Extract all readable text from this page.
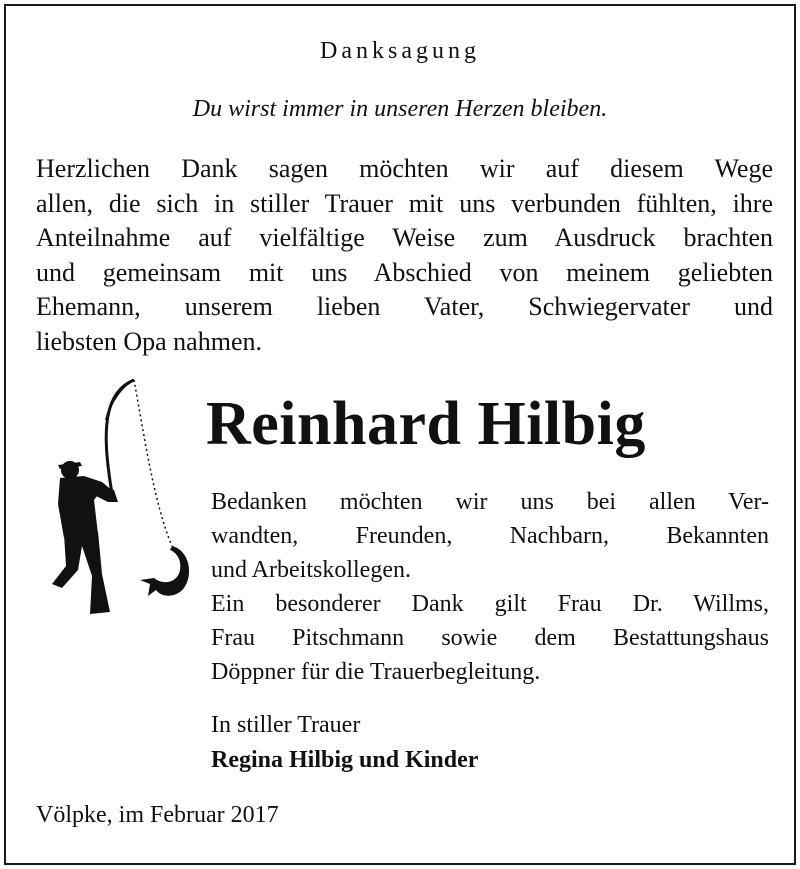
Danksagung
Du wirst immer in unseren Herzen bleiben.
Herzlichen Dank sagen möchten wir auf diesem Wege
allen, die sich in stiller Trauer mit uns verbunden fühlten, ihre
Anteilnahme auf vielfältige Weise zum Ausdruck brachten
und gemeinsam mit uns Abschied von meinem geliebten
Ehemann, unserem lieben Vater, Schwiegervater und
liebsten Opa nahmen.
Reinhard Hilbig
Bedanken möchten wir uns bei allen Ver-
wandten, Freunden, Nachbarn, Bekannten
und Arbeitskollegen.
Ein besonderer Dank gilt Frau Dr. Willms,
Frau Pitschmann sowie dem Bestattungshaus
Döppner für die Trauerbegleitung.
In stiller Trauer
Regina Hilbig und Kinder
Völpke, im Februar 2017
